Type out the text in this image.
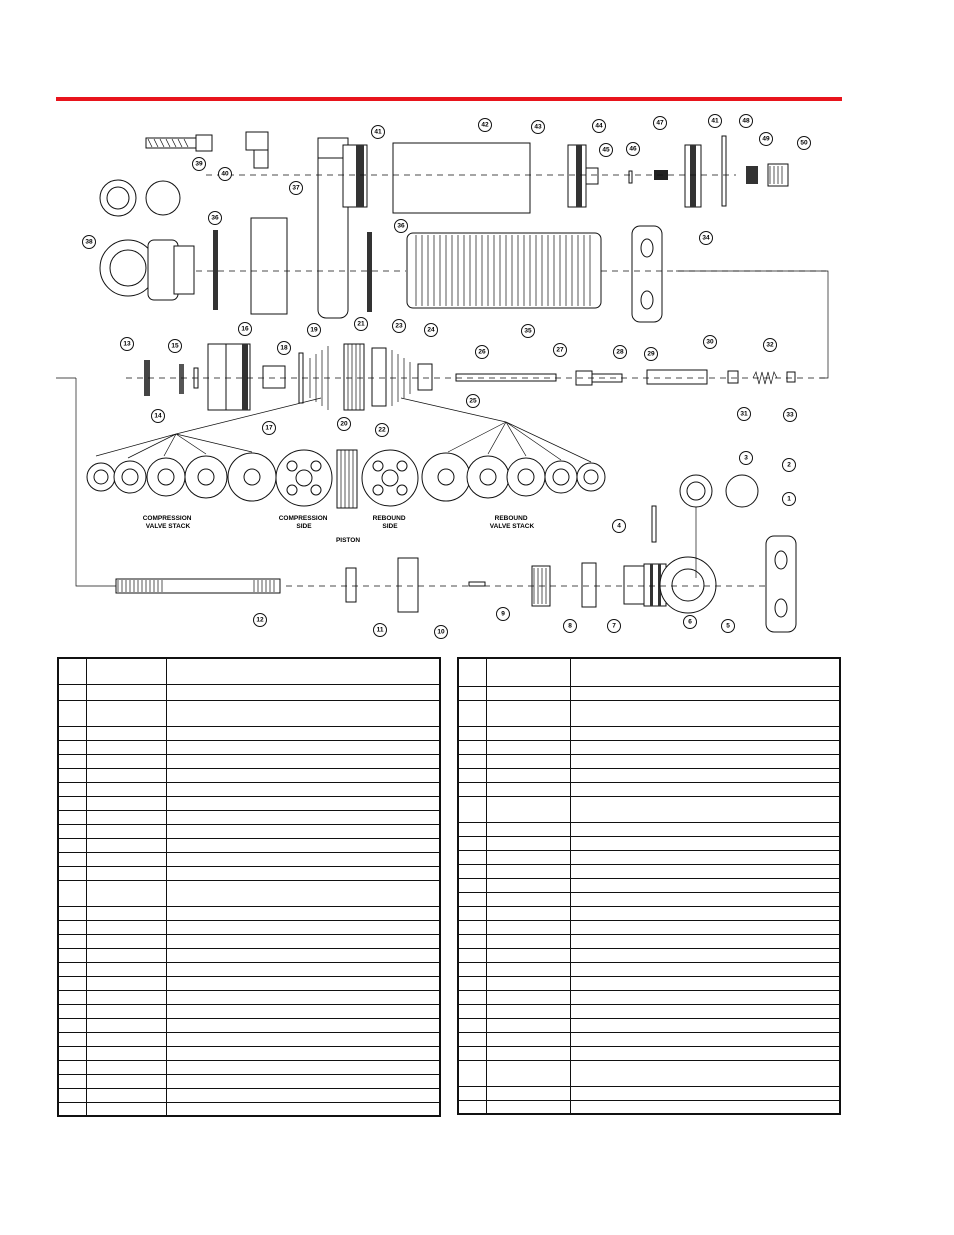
COMPRESSION VALVE STACK
COMPRESSION SIDE
REBOUND SIDE
REBOUND VALVE STACK
PISTON
1
2
3
4
5
6
7
8
9
10
11
12
13
14
15
16
17
18
19
20
21
22
23
24
25
26	27	28	29
30
31
32
33
34
35
37
38
39
40
42	43	44
45	46
47	48
49
50
36
36
41
41
